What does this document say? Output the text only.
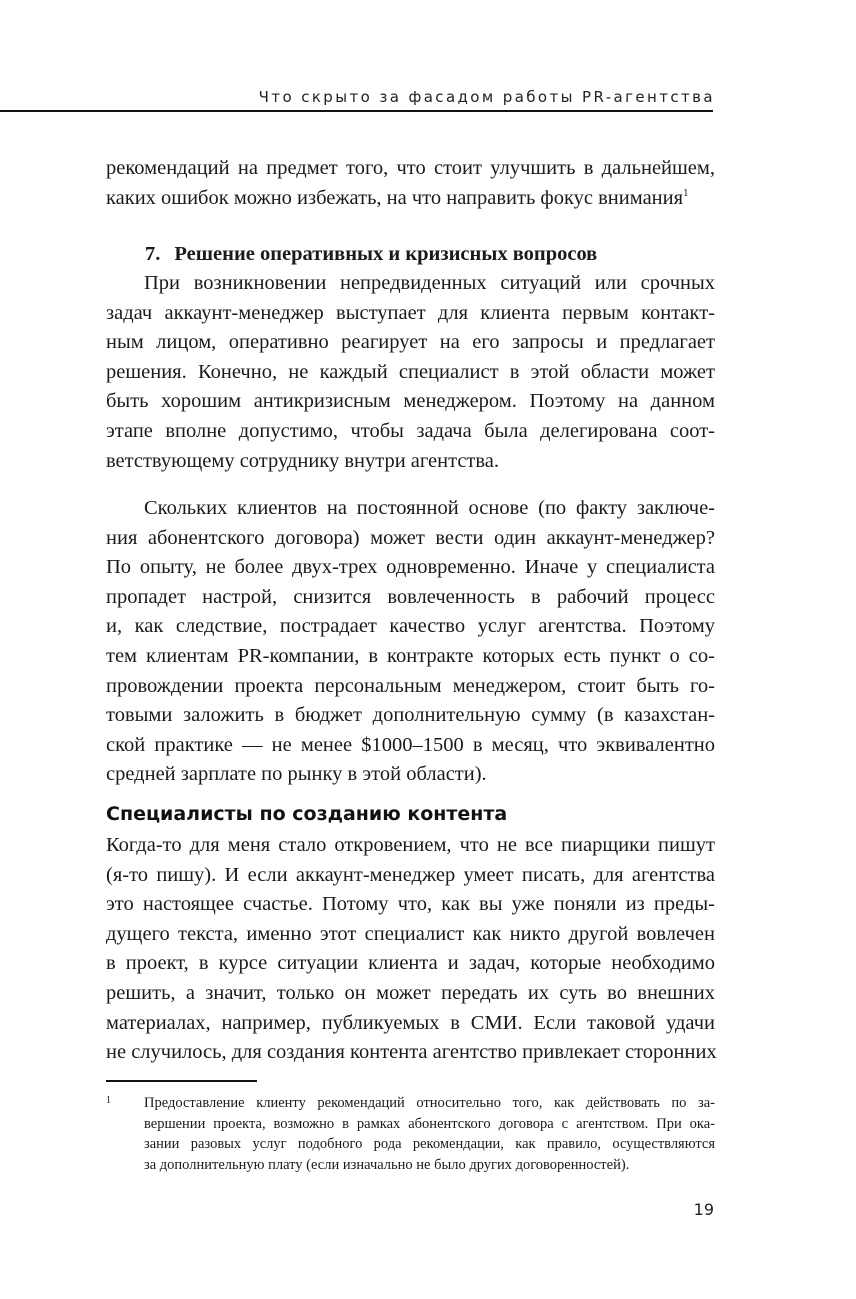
Что скрыто за фасадом работы PR-агентства

рекомендаций на предмет того, что стоит улучшить в дальнейшем,
каких ошибок можно избежать, на что направить фокус внимания$^1$

7. Решение оперативных и кризисных вопросов

При возникновении непредвиденных ситуаций или срочных
задач аккаунт-менеджер выступает для клиента первым контакт-
ным лицом, оперативно реагирует на его запросы и предлагает
решения. Конечно, не каждый специалист в этой области может
быть хорошим антикризисным менеджером. Поэтому на данном
этапе вполне допустимо, чтобы задача была делегирована соот-
ветствующему сотруднику внутри агентства.

Скольких клиентов на постоянной основе (по факту заключе-
ния абонентского договора) может вести один аккаунт-менеджер?
По опыту, не более двух-трех одновременно. Иначе у специалиста
пропадет настрой, снизится вовлеченность в рабочий процесс
и, как следствие, пострадает качество услуг агентства. Поэтому
тем клиентам PR-компании, в контракте которых есть пункт о со-
провождении проекта персональным менеджером, стоит быть го-
товыми заложить в бюджет дополнительную сумму (в казахстан-
ской практике — не менее $1000–1500 в месяц, что эквивалентно
средней зарплате по рынку в этой области).

Специалисты по созданию контента

Когда-то для меня стало откровением, что не все пиарщики пишут
(я-то пишу). И если аккаунт-менеджер умеет писать, для агентства
это настоящее счастье. Потому что, как вы уже поняли из преды-
дущего текста, именно этот специалист как никто другой вовлечен
в проект, в курсе ситуации клиента и задач, которые необходимо
решить, а значит, только он может передать их суть во внешних
материалах, например, публикуемых в СМИ. Если таковой удачи
не случилось, для создания контента агентство привлекает сторонних

1 Предоставление клиенту рекомендаций относительно того, как действовать по за-
вершении проекта, возможно в рамках абонентского договора с агентством. При ока-
зании разовых услуг подобного рода рекомендации, как правило, осуществляются
за дополнительную плату (если изначально не было других договоренностей).
19
